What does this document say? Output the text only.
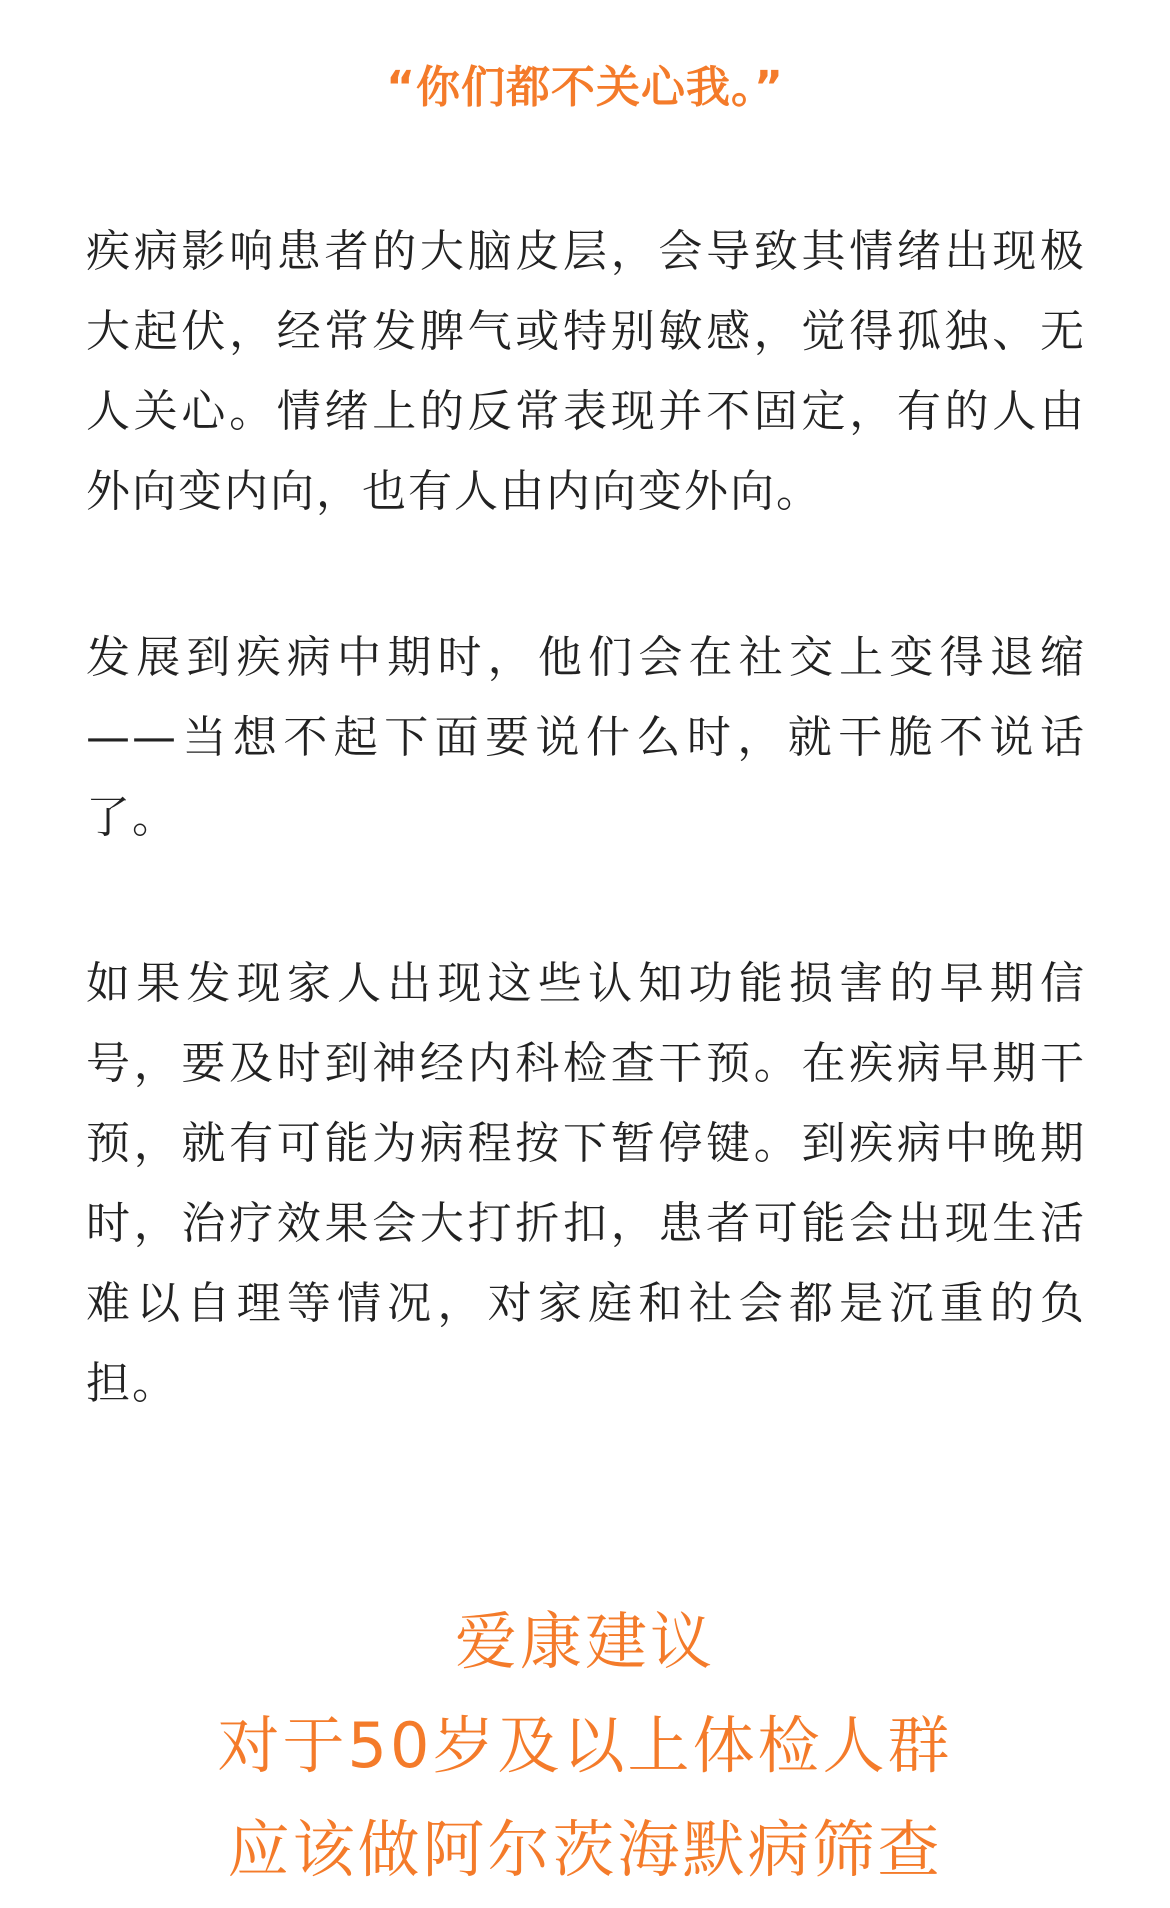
“你们都不关心我。”

疾病影响患者的大脑皮层，会导致其情绪出现极大起伏，经常发脾气或特别敏感，觉得孤独、无人关心。情绪上的反常表现并不固定，有的人由外向变内向，也有人由内向变外向。

发展到疾病中期时，他们会在社交上变得退缩——当想不起下面要说什么时，就干脆不说话了。

如果发现家人出现这些认知功能损害的早期信号，要及时到神经内科检查干预。在疾病早期干预，就有可能为病程按下暂停键。到疾病中晚期时，治疗效果会大打折扣，患者可能会出现生活难以自理等情况，对家庭和社会都是沉重的负担。

爱康建议
对于50岁及以上体检人群
应该做阿尔茨海默病筛查
